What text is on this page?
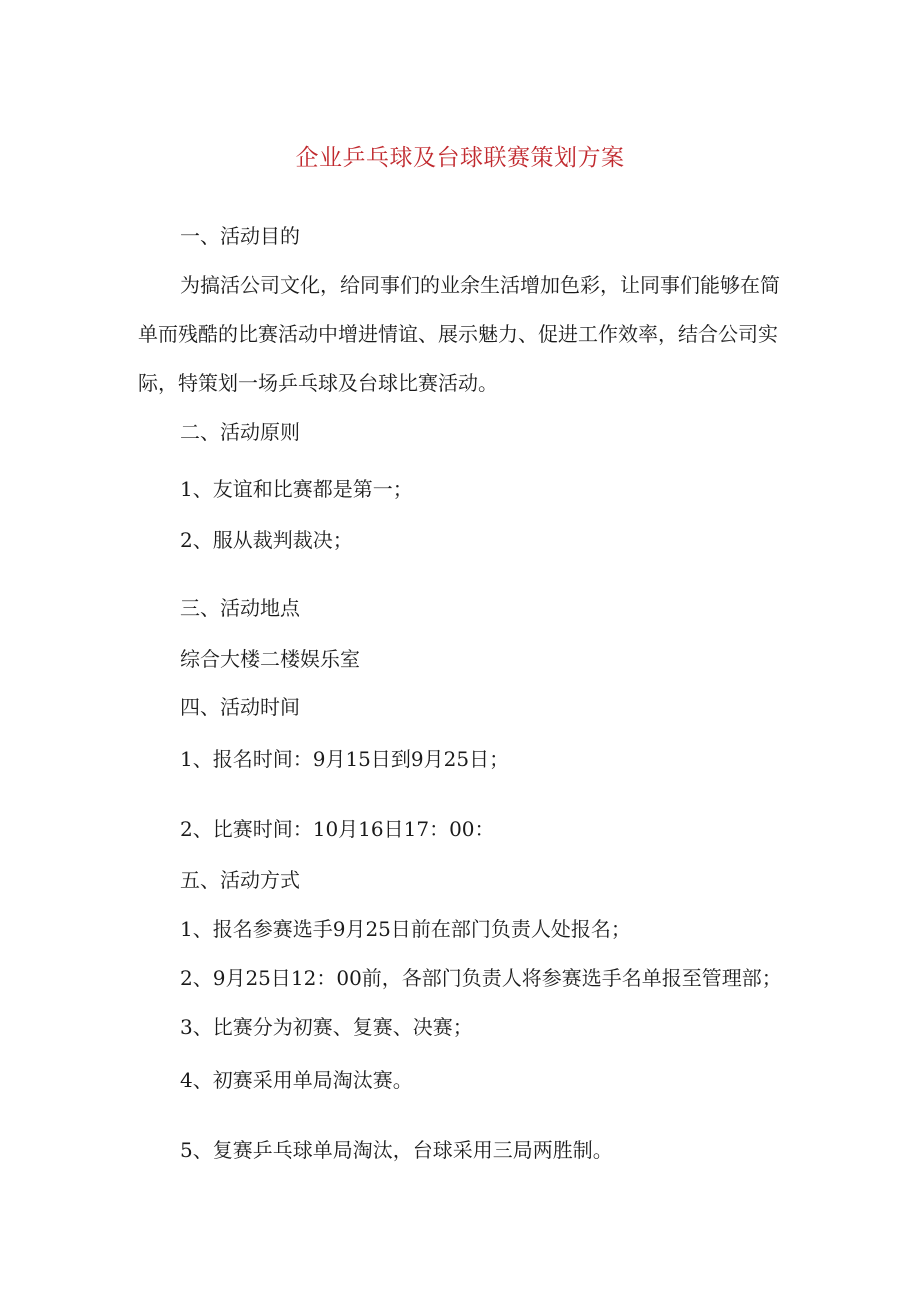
企业乒乓球及台球联赛策划方案
一、活动目的
为搞活公司文化，给同事们的业余生活增加色彩，让同事们能够在简
单而残酷的比赛活动中增进情谊、展示魅力、促进工作效率，结合公司实
际，特策划一场乒乓球及台球比赛活动。
二、活动原则
1、友谊和比赛都是第一；
2、服从裁判裁决；
三、活动地点
综合大楼二楼娱乐室
四、活动时间
1、报名时间：9月15日到9月25日；
2、比赛时间：10月16日17：00：
五、活动方式
1、报名参赛选手9月25日前在部门负责人处报名；
2、9月25日12：00前，各部门负责人将参赛选手名单报至管理部；
3、比赛分为初赛、复赛、决赛；
4、初赛采用单局淘汰赛。
5、复赛乒乓球单局淘汰，台球采用三局两胜制。
